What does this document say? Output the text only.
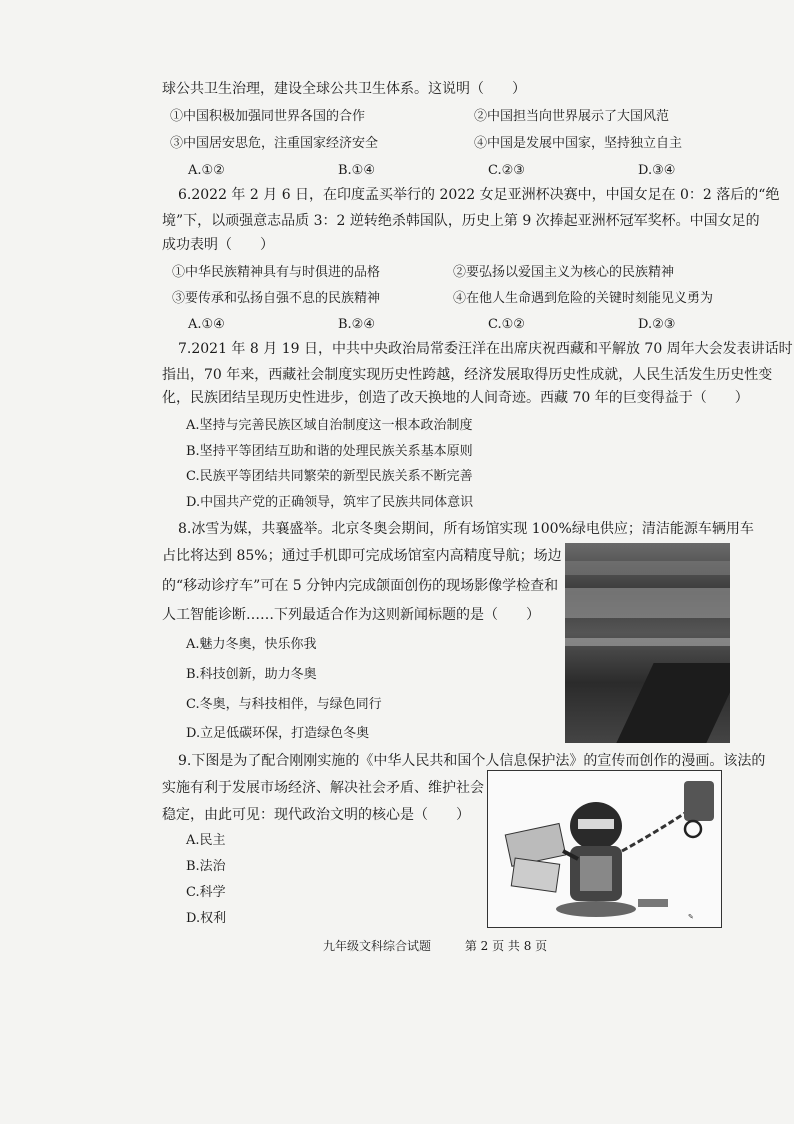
球公共卫生治理，建设全球公共卫生体系。这说明（　　）
①中国积极加强同世界各国的合作	②中国担当向世界展示了大国风范
③中国居安思危，注重国家经济安全	④中国是发展中国家，坚持独立自主
A.①②	B.①④	C.②③	D.③④
6.2022 年 2 月 6 日，在印度孟买举行的 2022 女足亚洲杯决赛中，中国女足在 0：2 落后的“绝
境”下，以顽强意志品质 3：2 逆转绝杀韩国队，历史上第 9 次捧起亚洲杯冠军奖杯。中国女足的
成功表明（　　）
①中华民族精神具有与时俱进的品格	②要弘扬以爱国主义为核心的民族精神
③要传承和弘扬自强不息的民族精神	④在他人生命遇到危险的关键时刻能见义勇为
A.①④	B.②④	C.①②	D.②③
7.2021 年 8 月 19 日，中共中央政治局常委汪洋在出席庆祝西藏和平解放 70 周年大会发表讲话时
指出，70 年来，西藏社会制度实现历史性跨越，经济发展取得历史性成就，人民生活发生历史性变
化，民族团结呈现历史性进步，创造了改天换地的人间奇迹。西藏 70 年的巨变得益于（　　）
A.坚持与完善民族区域自治制度这一根本政治制度
B.坚持平等团结互助和谐的处理民族关系基本原则
C.民族平等团结共同繁荣的新型民族关系不断完善
D.中国共产党的正确领导，筑牢了民族共同体意识
8.冰雪为媒，共襄盛举。北京冬奥会期间，所有场馆实现 100%绿电供应；清洁能源车辆用车
占比将达到 85%；通过手机即可完成场馆室内高精度导航；场边
的“移动诊疗车”可在 5 分钟内完成颌面创伤的现场影像学检查和
人工智能诊断……下列最适合作为这则新闻标题的是（　　）
A.魅力冬奥，快乐你我
B.科技创新，助力冬奥
C.冬奥，与科技相伴，与绿色同行
D.立足低碳环保，打造绿色冬奥
9.下图是为了配合刚刚实施的《中华人民共和国个人信息保护法》的宣传而创作的漫画。该法的
实施有利于发展市场经济、解决社会矛盾、维护社会
稳定，由此可见：现代政治文明的核心是（　　）
A.民主
B.法治
C.科学
D.权利	✎
九年级文科综合试题	第 2 页 共 8 页
